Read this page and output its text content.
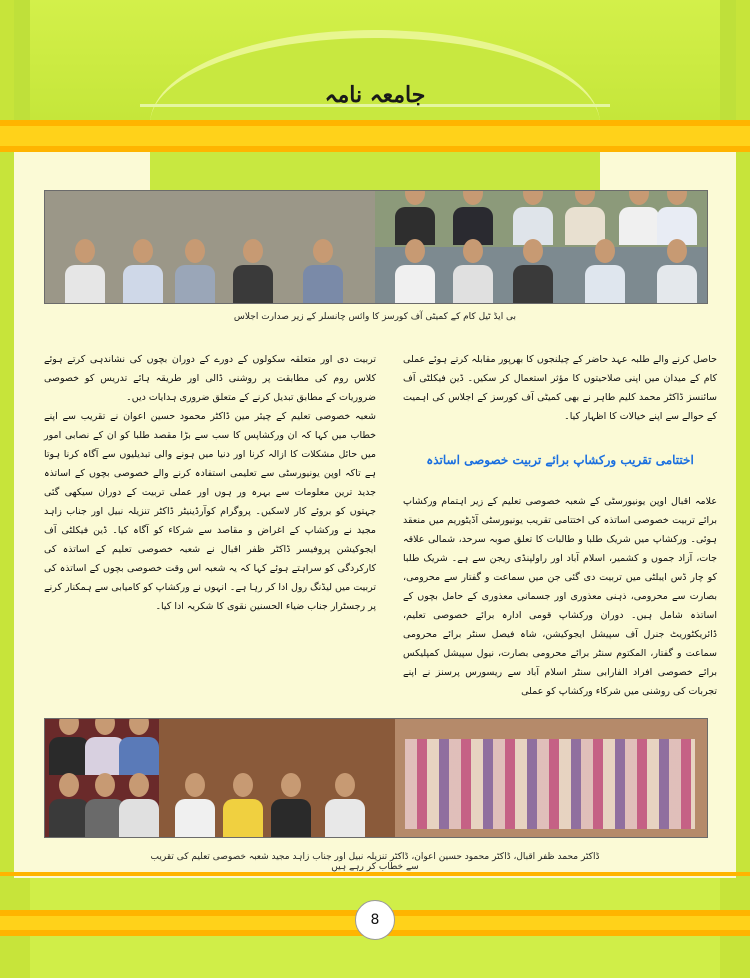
جامعہ نامہ
بی ایڈ ٹیل کام کے کمیٹی آف کورسز کا وائس چانسلر کے زیر صدارت اجلاس
حاصل کرنے والے طلبہ عہد حاضر کے چیلنجوں کا بھرپور مقابلہ کرتے ہوئے عملی کام کے میدان میں اپنی صلاحیتوں کا مؤثر استعمال کر سکیں۔ ڈین فیکلٹی آف سائنسز ڈاکٹر محمد کلیم طاہر نے بھی کمیٹی آف کورسز کے اجلاس کی اہمیت کے حوالے سے اپنے خیالات کا اظہار کیا۔
اختتامی تقریب ورکشاپ برائے تربیت خصوصی اساتذہ
علامہ اقبال اوپن یونیورسٹی کے شعبہ خصوصی تعلیم کے زیر اہتمام ورکشاپ برائے تربیت خصوصی اساتذہ کی اختتامی تقریب یونیورسٹی آڈیٹوریم میں منعقد ہوئی۔ ورکشاپ میں شریک طلبا و طالبات کا تعلق صوبہ سرحد، شمالی علاقہ جات، آزاد جموں و کشمیر، اسلام آباد اور راولپنڈی ریجن سے ہے۔ شریک طلبا کو چار ڈس ایبلٹی میں تربیت دی گئی جن میں سماعت و گفتار سے محرومی، بصارت سے محرومی، ذہنی معذوری اور جسمانی معذوری کے حامل بچوں کے اساتذہ شامل ہیں۔ دوران ورکشاپ قومی ادارہ برائے خصوصی تعلیم، ڈائریکٹوریٹ جنرل آف سپیشل ایجوکیشن، شاہ فیصل سنٹر برائے محرومی سماعت و گفتار، المکتوم سنٹر برائے محرومی بصارت، نیول سپیشل کمپلیکس برائے خصوصی افراد الفارابی سنٹر اسلام آباد سے ریسورس پرسنز نے اپنے تجربات کی روشنی میں شرکاء ورکشاپ کو عملی
تربیت دی اور متعلقہ سکولوں کے دورے کے دوران بچوں کی نشاندہی کرتے ہوئے کلاس روم کی مطابقت پر روشنی ڈالی اور طریقہ ہائے تدریس کو خصوصی ضروریات کے مطابق تبدیل کرنے کے متعلق ضروری ہدایات دیں۔
شعبہ خصوصی تعلیم کے چیئر مین ڈاکٹر محمود حسین اعوان نے تقریب سے اپنے خطاب میں کہا کہ ان ورکشاپس کا سب سے بڑا مقصد طلبا کو ان کے نصابی امور میں حائل مشکلات کا ازالہ کرنا اور دنیا میں ہونے والی تبدیلیوں سے آگاہ کرنا ہوتا ہے تاکہ اوپن یونیورسٹی سے تعلیمی استفادہ کرنے والے خصوصی بچوں کے اساتذہ جدید ترین معلومات سے بہرہ ور ہوں اور عملی تربیت کے دوران سیکھی گئی جہتوں کو بروئے کار لاسکیں۔ پروگرام کوآرڈینیٹر ڈاکٹر تنزیلہ نبیل اور جناب زاہد مجید نے ورکشاپ کے اغراض و مقاصد سے شرکاء کو آگاہ کیا۔ ڈین فیکلٹی آف ایجوکیشن پروفیسر ڈاکٹر ظفر اقبال نے شعبہ خصوصی تعلیم کے اساتذہ کی کارکردگی کو سراہتے ہوئے کہا کہ یہ شعبہ اس وقت خصوصی بچوں کے اساتذہ کی تربیت میں لیڈنگ رول ادا کر رہا ہے۔ انہوں نے ورکشاپ کو کامیابی سے ہمکنار کرنے پر رجسٹرار جناب ضیاء الحسنین نقوی کا شکریہ ادا کیا۔
ڈاکٹر محمد ظفر اقبال، ڈاکٹر محمود حسین اعوان، ڈاکٹر تنزیلہ نبیل اور جناب زاہد مجید شعبہ خصوصی تعلیم کی تقریب سے خطاب کر رہے ہیں
8
